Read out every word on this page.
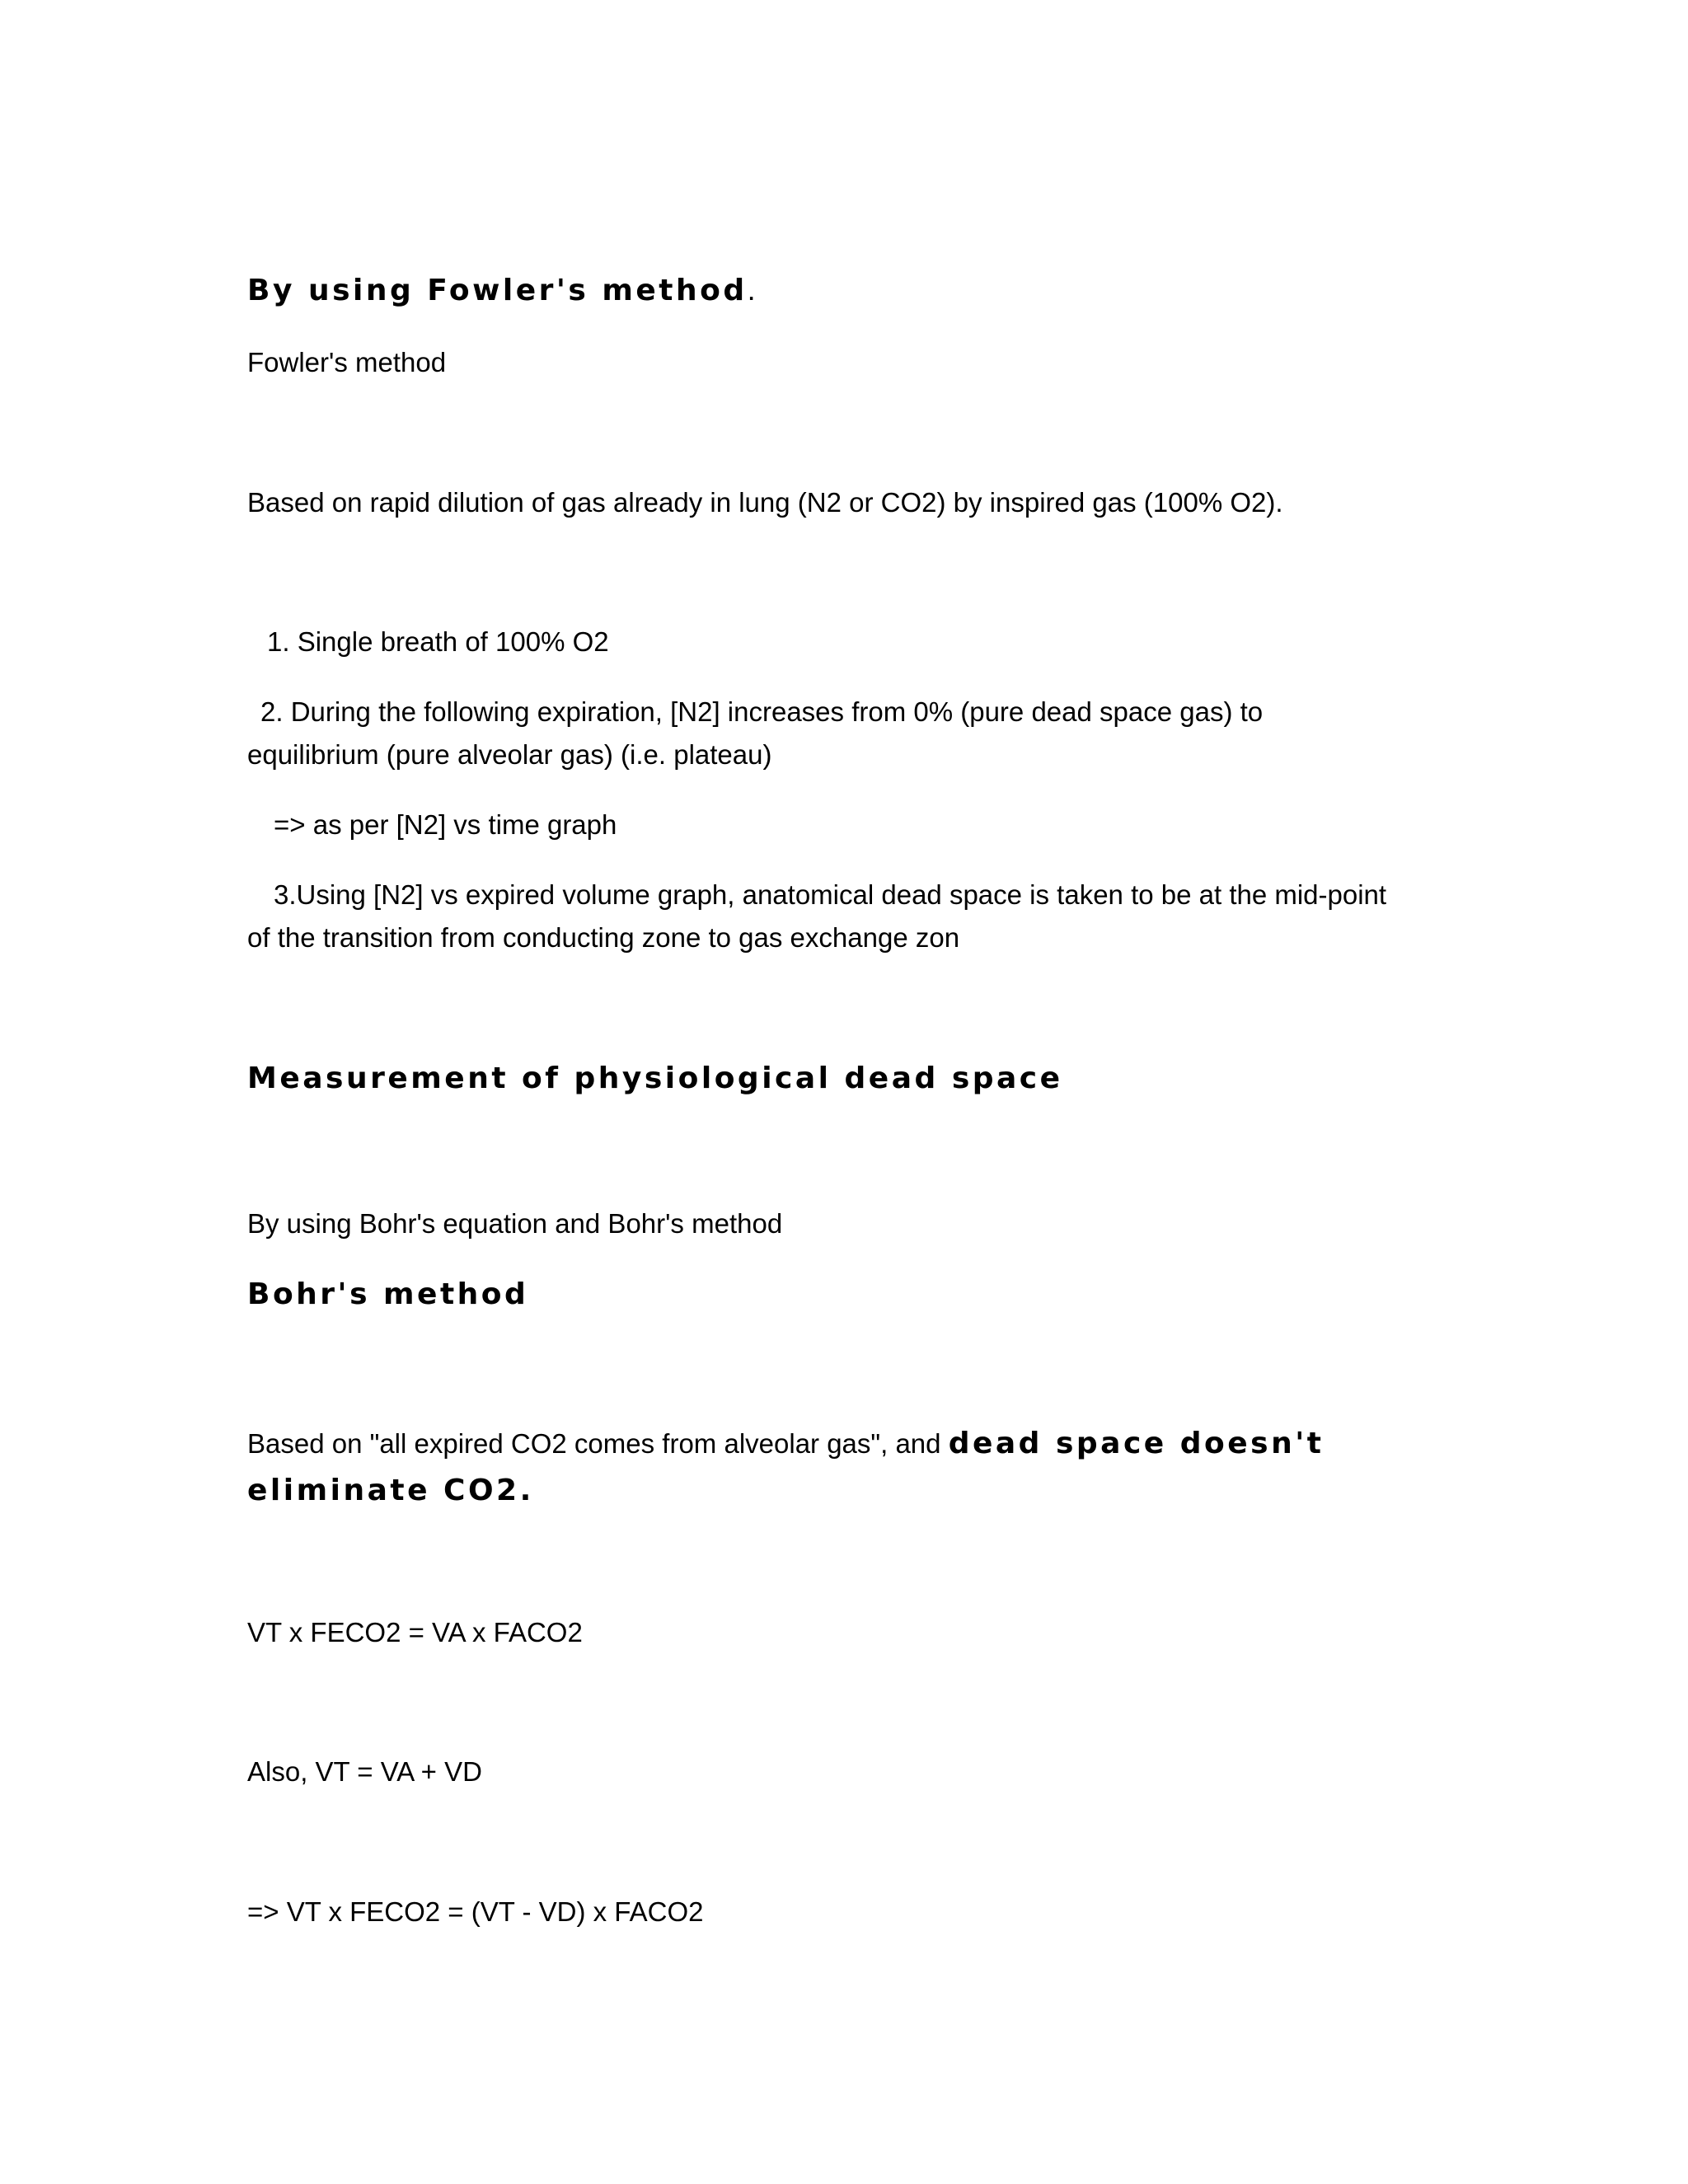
By using Fowler's method.
Fowler's method
Based on rapid dilution of gas already in lung (N2 or CO2) by inspired gas (100% O2).
1. Single breath of 100% O2
2. During the following expiration, [N2] increases from 0% (pure dead space gas) to
equilibrium (pure alveolar gas) (i.e. plateau)
=> as per [N2] vs time graph
3.Using [N2] vs expired volume graph, anatomical dead space is taken to be at the mid-point
of the transition from conducting zone to gas exchange zon
Measurement of physiological dead space
By using Bohr's equation and Bohr's method
Bohr's method
Based on "all expired CO2 comes from alveolar gas", and dead space doesn't
eliminate CO2.
VT x FECO2 = VA x FACO2
Also, VT = VA + VD
=> VT x FECO2 = (VT - VD) x FACO2
